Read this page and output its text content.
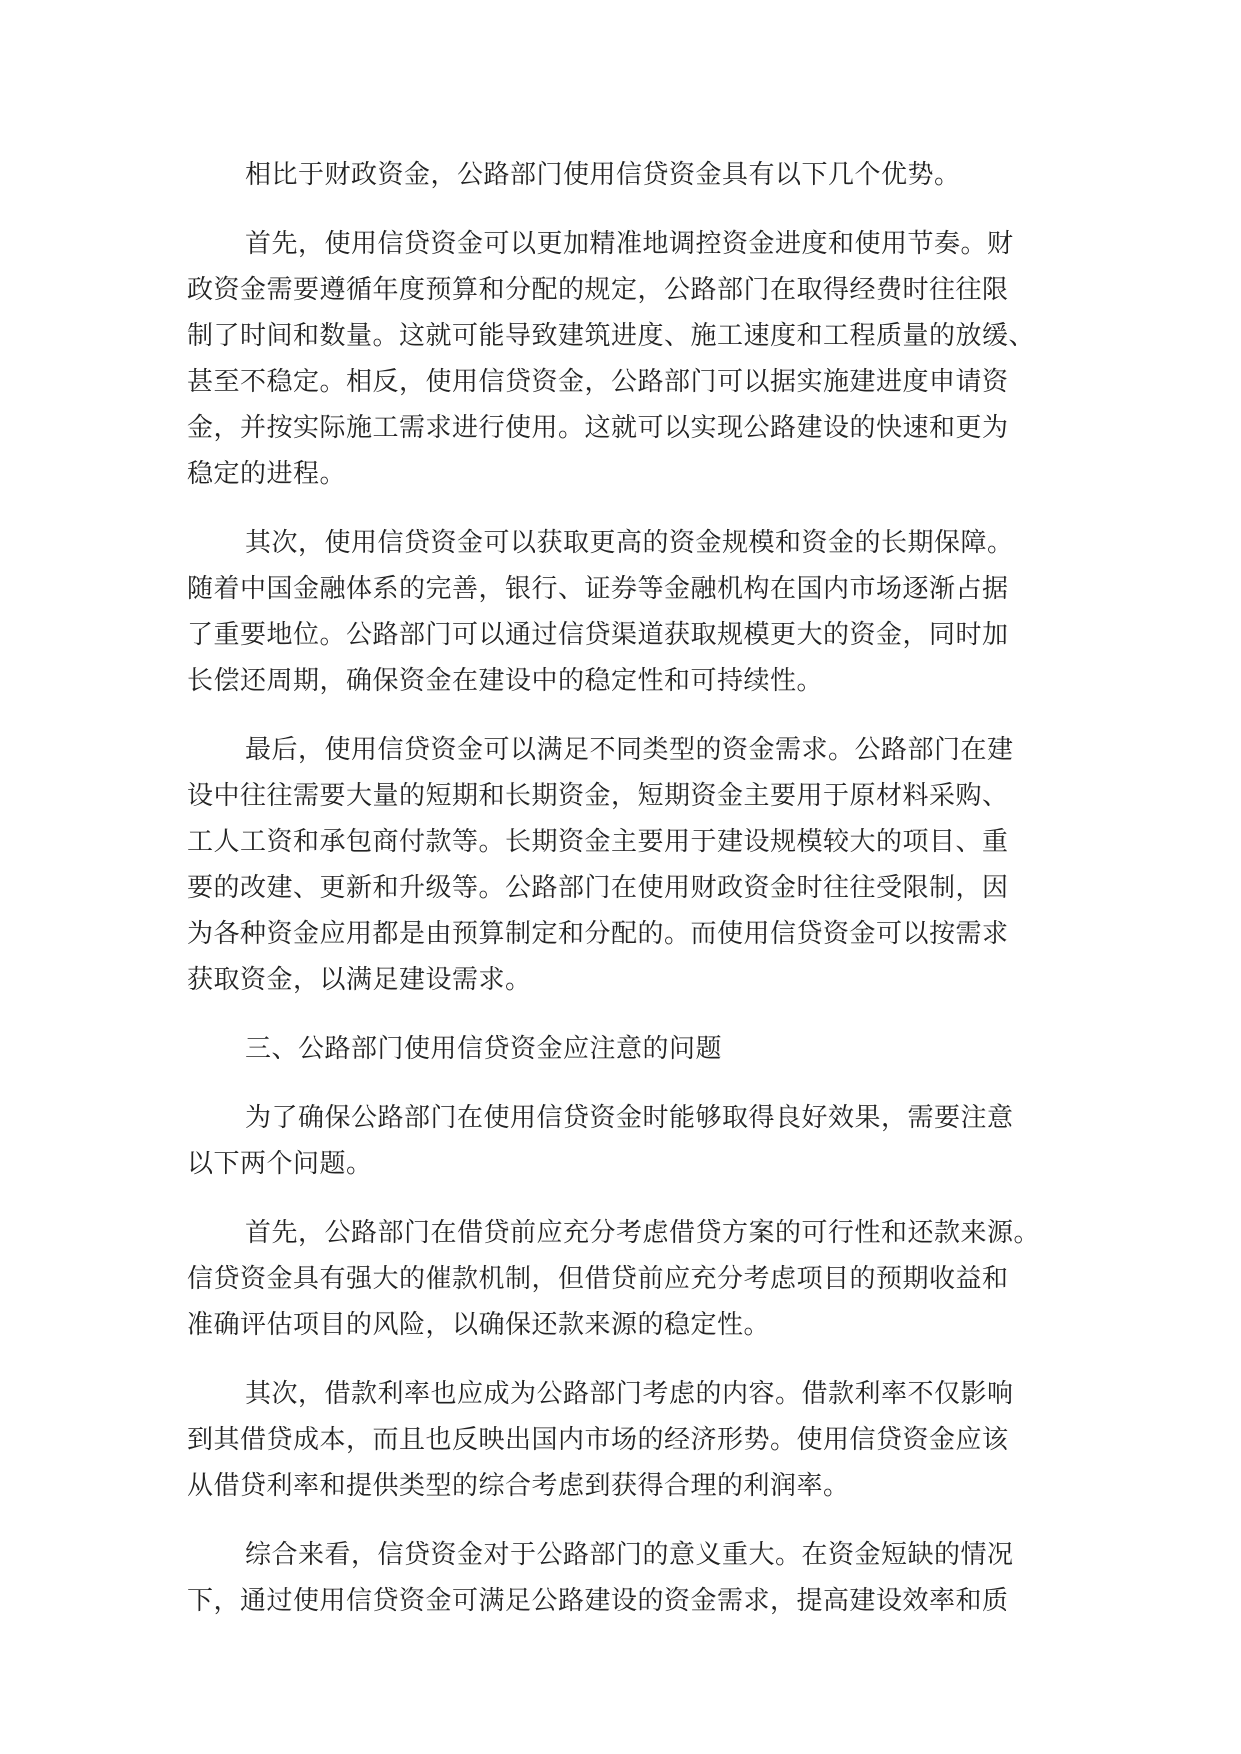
相比于财政资金，公路部门使用信贷资金具有以下几个优势。
首先，使用信贷资金可以更加精准地调控资金进度和使用节奏。财
政资金需要遵循年度预算和分配的规定，公路部门在取得经费时往往限
制了时间和数量。这就可能导致建筑进度、施工速度和工程质量的放缓、
甚至不稳定。相反，使用信贷资金，公路部门可以据实施建进度申请资
金，并按实际施工需求进行使用。这就可以实现公路建设的快速和更为
稳定的进程。
其次，使用信贷资金可以获取更高的资金规模和资金的长期保障。
随着中国金融体系的完善，银行、证券等金融机构在国内市场逐渐占据
了重要地位。公路部门可以通过信贷渠道获取规模更大的资金，同时加
长偿还周期，确保资金在建设中的稳定性和可持续性。
最后，使用信贷资金可以满足不同类型的资金需求。公路部门在建
设中往往需要大量的短期和长期资金，短期资金主要用于原材料采购、
工人工资和承包商付款等。长期资金主要用于建设规模较大的项目、重
要的改建、更新和升级等。公路部门在使用财政资金时往往受限制，因
为各种资金应用都是由预算制定和分配的。而使用信贷资金可以按需求
获取资金，以满足建设需求。
三、公路部门使用信贷资金应注意的问题
为了确保公路部门在使用信贷资金时能够取得良好效果，需要注意
以下两个问题。
首先，公路部门在借贷前应充分考虑借贷方案的可行性和还款来源。
信贷资金具有强大的催款机制，但借贷前应充分考虑项目的预期收益和
准确评估项目的风险，以确保还款来源的稳定性。
其次，借款利率也应成为公路部门考虑的内容。借款利率不仅影响
到其借贷成本，而且也反映出国内市场的经济形势。使用信贷资金应该
从借贷利率和提供类型的综合考虑到获得合理的利润率。
综合来看，信贷资金对于公路部门的意义重大。在资金短缺的情况
下，通过使用信贷资金可满足公路建设的资金需求，提高建设效率和质
